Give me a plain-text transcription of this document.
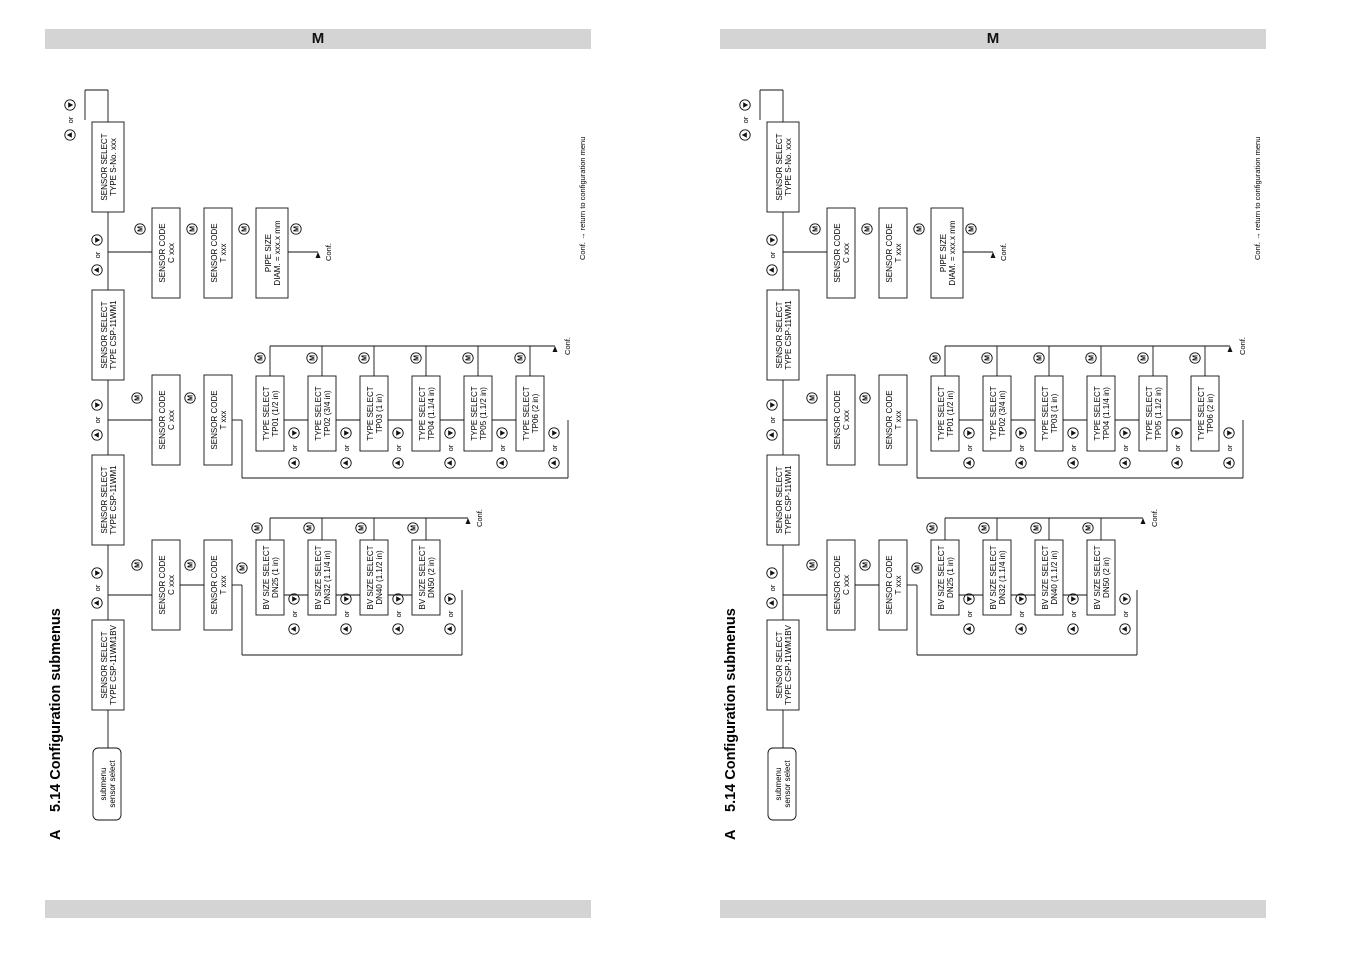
M
A
5.14 Configuration submenus	submenu sensor select
or
SENSOR SELECT TYPE CSP-11WM1BV
SENSOR SELECT TYPE CSP-11WM1
SENSOR SELECT TYPE CSP-11WM1
SENSOR SELECT TYPE S-No. xxx
or
or
or
SENSOR CODE C xxx
M	SENSOR CODE T xxx
M
M BV SIZE SELECT DN25 (1 in)
or
M
BV SIZE SELECT DN32 (1.1/4 in)
or
M
BV SIZE SELECT DN40 (1.1/2 in)
or
M
BV SIZE SELECT DN50 (2 in)
or
M
Conf.
SENSOR CODE C xxx
M	SENSOR CODE T xxx
M	TYPE SELECT TP01 (1/2 in)
or
M
TYPE SELECT TP02 (3/4 in)
or
M
TYPE SELECT TP03 (1 in)
or
M
TYPE SELECT TP04 (1.1/4 in)
or
M
TYPE SELECT TP05 (1.1/2 in)
or
M
TYPE SELECT TP06 (2 in)
or
M
Conf.
SENSOR CODE C xxx
M	SENSOR CODE T xxx
M
PIPE SIZE DIAM. = xxx.x mm
M	M
Conf.	Conf. → return to configuration menu
M
A
5.14 Configuration submenus	submenu sensor select
or
SENSOR SELECT TYPE CSP-11WM1BV
SENSOR SELECT TYPE CSP-11WM1
SENSOR SELECT TYPE CSP-11WM1
SENSOR SELECT TYPE S-No. xxx
or
or
or
SENSOR CODE C xxx
M	SENSOR CODE T xxx
M
M BV SIZE SELECT DN25 (1 in)
or
M
BV SIZE SELECT DN32 (1.1/4 in)
or
M
BV SIZE SELECT DN40 (1.1/2 in)
or
M
BV SIZE SELECT DN50 (2 in)
or
M
Conf.
SENSOR CODE C xxx
M	SENSOR CODE T xxx
M	TYPE SELECT TP01 (1/2 in)
or
M
TYPE SELECT TP02 (3/4 in)
or
M
TYPE SELECT TP03 (1 in)
or
M
TYPE SELECT TP04 (1.1/4 in)
or
M
TYPE SELECT TP05 (1.1/2 in)
or
M
TYPE SELECT TP06 (2 in)
or
M
Conf.
SENSOR CODE C xxx
M	SENSOR CODE T xxx
M
PIPE SIZE DIAM. = xxx.x mm
M	M
Conf.	Conf. → return to configuration menu
